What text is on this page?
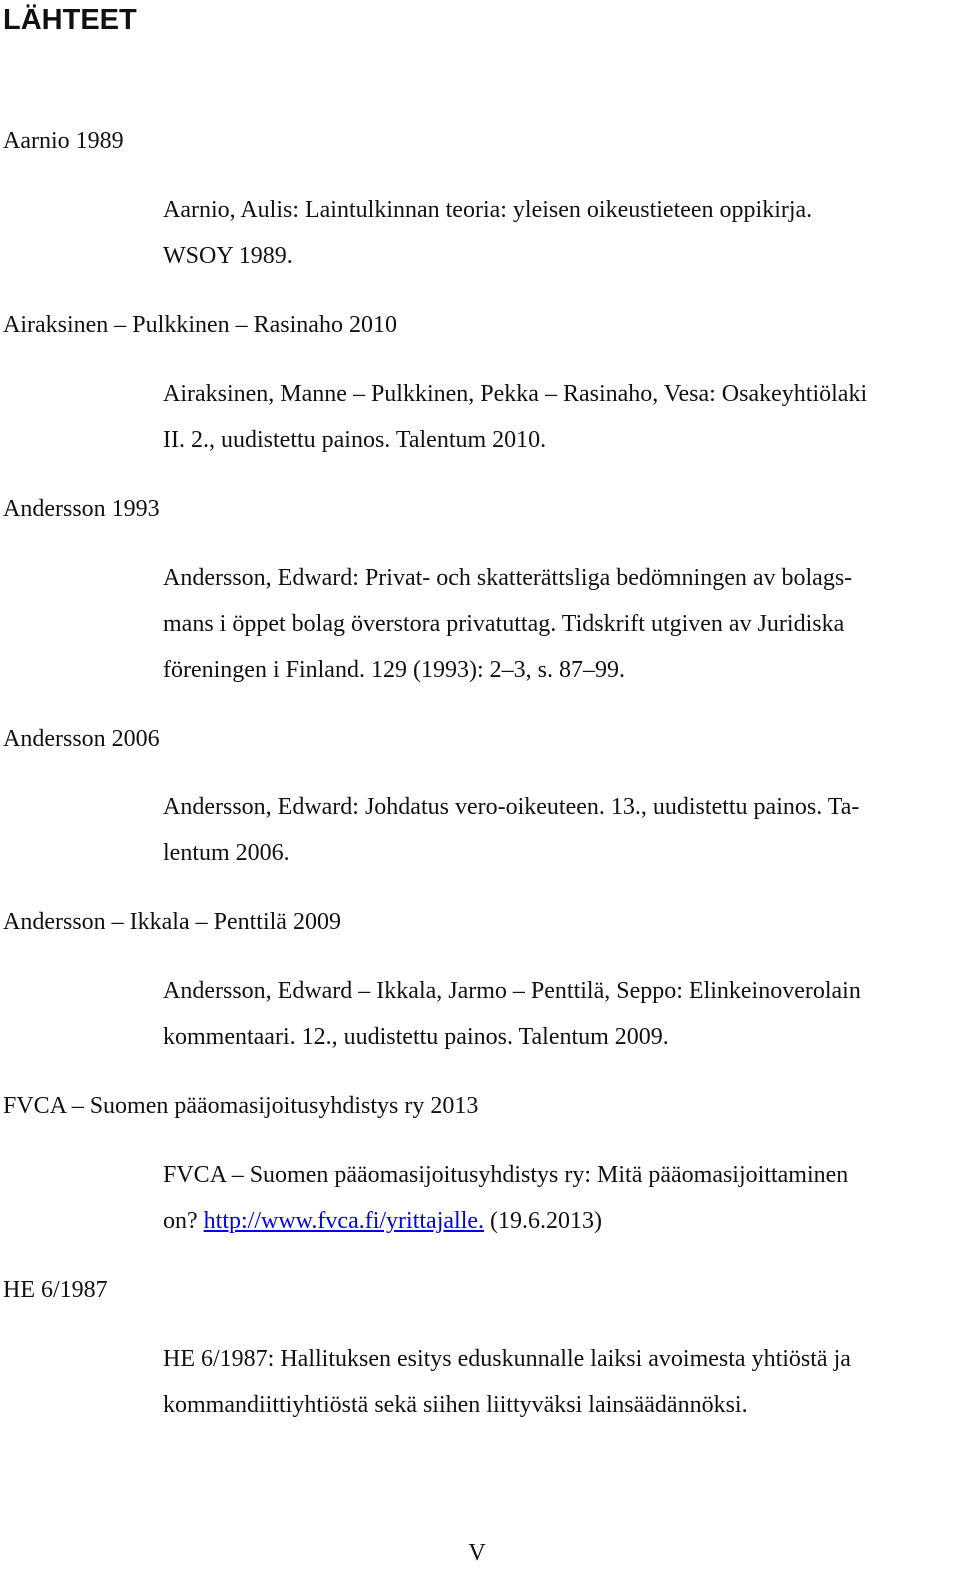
LÄHTEET
Aarnio 1989
Aarnio, Aulis: Laintulkinnan teoria: yleisen oikeustieteen oppikirja.
WSOY 1989.
Airaksinen – Pulkkinen – Rasinaho 2010
Airaksinen, Manne – Pulkkinen, Pekka – Rasinaho, Vesa: Osakeyhtiölaki
II. 2., uudistettu painos. Talentum 2010.
Andersson 1993
Andersson, Edward: Privat- och skatterättsliga bedömningen av bolags-
mans i öppet bolag överstora privatuttag. Tidskrift utgiven av Juridiska
föreningen i Finland. 129 (1993): 2–3, s. 87–99.
Andersson 2006
Andersson, Edward: Johdatus vero-oikeuteen. 13., uudistettu painos. Ta-
lentum 2006.
Andersson – Ikkala – Penttilä 2009
Andersson, Edward – Ikkala, Jarmo – Penttilä, Seppo: Elinkeinoverolain
kommentaari. 12., uudistettu painos. Talentum 2009.
FVCA – Suomen pääomasijoitusyhdistys ry 2013
FVCA – Suomen pääomasijoitusyhdistys ry: Mitä pääomasijoittaminen
on? http://www.fvca.fi/yrittajalle. (19.6.2013)
HE 6/1987
HE 6/1987: Hallituksen esitys eduskunnalle laiksi avoimesta yhtiöstä ja
kommandiittiyhtiöstä sekä siihen liittyväksi lainsäädännöksi.
V
